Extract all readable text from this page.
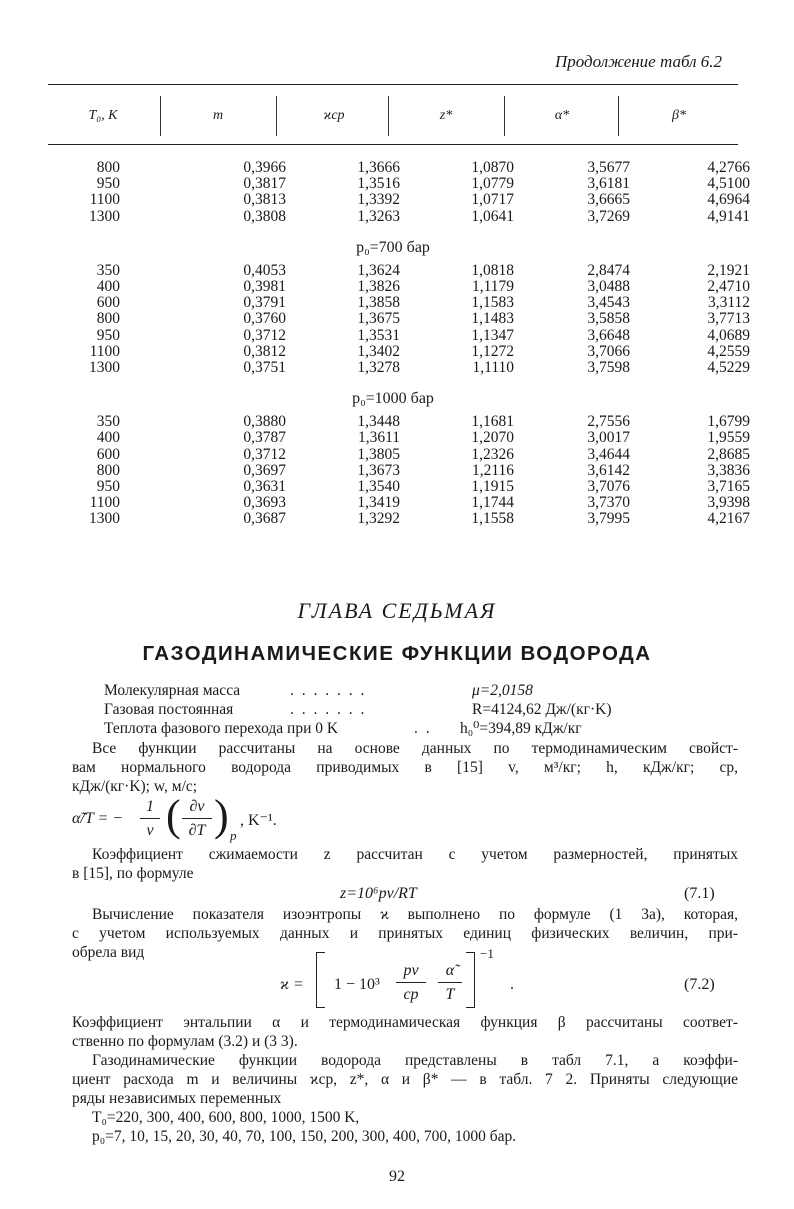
Продолжение табл 6.2
T₀, K	m	ϰср	z*	α*	β*
800	0,3966	1,3666	1,0870	3,5677	4,2766
950	0,3817	1,3516	1,0779	3,6181	4,5100
1100	0,3813	1,3392	1,0717	3,6665	4,6964
1300	0,3808	1,3263	1,0641	3,7269	4,9141
p₀=700 бар
350	0,4053	1,3624	1,0818	2,8474	2,1921
400	0,3981	1,3826	1,1179	3,0488	2,4710
600	0,3791	1,3858	1,1583	3,4543	3,3112
800	0,3760	1,3675	1,1483	3,5858	3,7713
950	0,3712	1,3531	1,1347	3,6648	4,0689
1100	0,3812	1,3402	1,1272	3,7066	4,2559
1300	0,3751	1,3278	1,1110	3,7598	4,5229
p₀=1000 бар
350	0,3880	1,3448	1,1681	2,7556	1,6799
400	0,3787	1,3611	1,2070	3,0017	1,9559
600	0,3712	1,3805	1,2326	3,4644	2,8685
800	0,3697	1,3673	1,2116	3,6142	3,3836
950	0,3631	1,3540	1,1915	3,7076	3,7165
1100	0,3693	1,3419	1,1744	3,7370	3,9398
1300	0,3687	1,3292	1,1558	3,7995	4,2167
ГЛАВА СЕДЬМАЯ
ГАЗОДИНАМИЧЕСКИЕ ФУНКЦИИ ВОДОРОДА
Молекулярная масса	. . . . . . .	μ=2,0158
Газовая постоянная	. . . . . . .	R=4124,62 Дж/(кг·K)
Теплота фазового перехода при 0 K	. . h₀⁰=394,89 кДж/кг
Все функции рассчитаны на основе данных по термодинамическим свойст-
вам нормального водорода приводимых в [15] v, м³/кг; h, кДж/кг; cp,
кДж/(кг·K); w, м/с;
α̃/T = −
1
v ( ∂v
∂T ) p
, K⁻¹.
Коэффициент сжимаемости z рассчитан с учетом размерностей, принятых
в [15], по формуле
z=10⁶pv/RT	(7.1)
Вычисление показателя изоэнтропы ϰ выполнено по формуле (1 3а), которая,
с учетом используемых данных и принятых единиц физических величин, при-
обрела вид
ϰ = 1 − 10³
pv
cp
α̃
T
−1
.	(7.2)
Коэффициент энтальпии α и термодинамическая функция β рассчитаны соответ-
ственно по формулам (3.2) и (3 3).
Газодинамические функции водорода представлены в табл 7.1, а коэффи-
циент расхода m и величины ϰср, z*, α и β* — в табл. 7 2. Приняты следующие
ряды независимых переменных
T₀=220, 300, 400, 600, 800, 1000, 1500 K,
p₀=7, 10, 15, 20, 30, 40, 70, 100, 150, 200, 300, 400, 700, 1000 бар.
92
